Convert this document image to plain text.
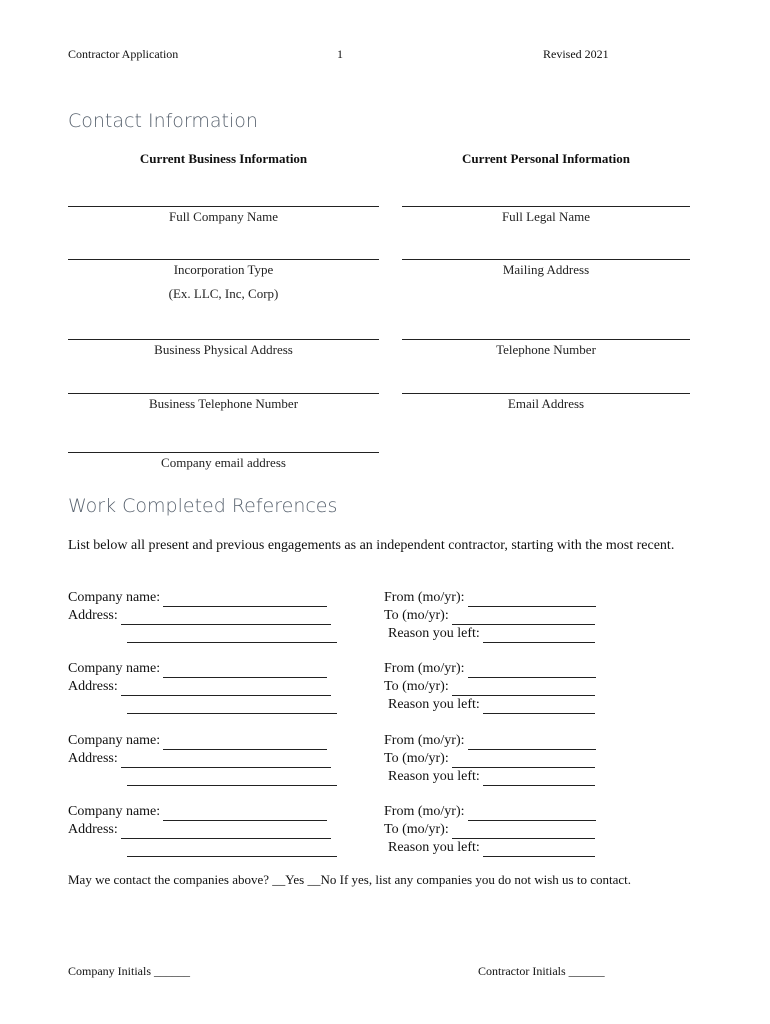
Contractor Application	1	Revised 2021
Contact Information
Current Business Information	Current Personal Information
Full Company Name
Incorporation Type
(Ex. LLC, Inc, Corp)
Business Physical Address
Business Telephone Number
Company email address
Full Legal Name
Mailing Address
Telephone Number
Email Address
Work Completed References
List below all present and previous engagements as an independent contractor, starting with the most recent.
Company name:
Address:
From (mo/yr):
To (mo/yr):
Reason you left:
Company name:
Address:
From (mo/yr):
To (mo/yr):
Reason you left:
Company name:
Address:
From (mo/yr):
To (mo/yr):
Reason you left:
Company name:
Address:
From (mo/yr):
To (mo/yr):
Reason you left:
May we contact the companies above? __Yes __No If yes, list any companies you do not wish us to contact.
Company Initials ______	Contractor Initials ______
